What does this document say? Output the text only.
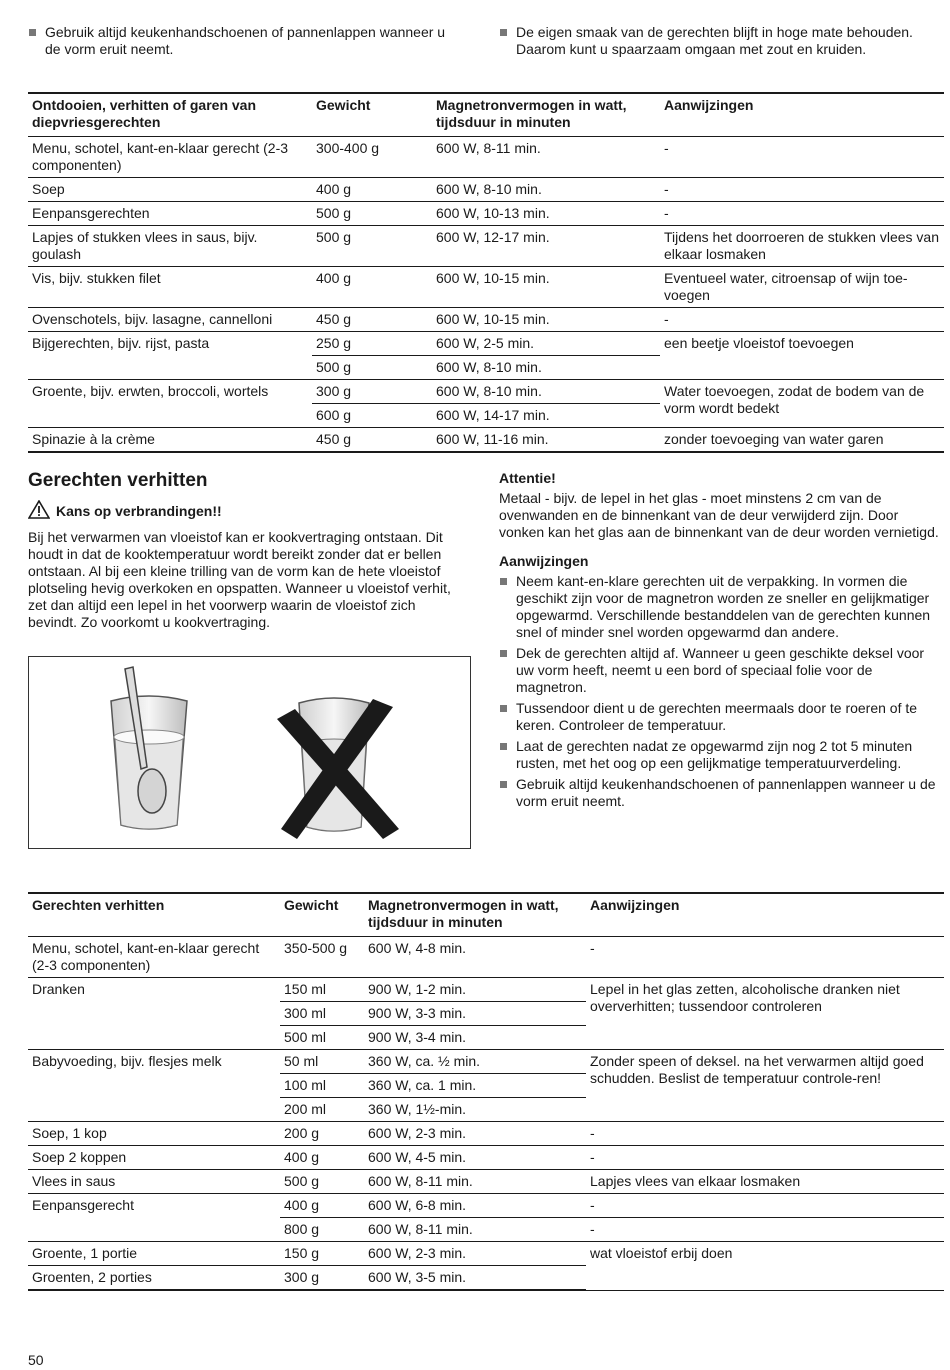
Gebruik altijd keukenhandschoenen of pannenlappen wanneer u de vorm eruit neemt.

De eigen smaak van de gerechten blijft in hoge mate behouden. Daarom kunt u spaarzaam omgaan met zout en kruiden.

Ontdooien, verhitten of garen van diepvriesgerechten	Gewicht	Magnetronvermogen in watt, tijdsduur in minuten	Aanwijzingen
Menu, schotel, kant-en-klaar gerecht (2-3 componenten)	300-400 g	600 W, 8-11 min.	-
Soep	400 g	600 W, 8-10 min.	-
Eenpansgerechten	500 g	600 W, 10-13 min.	-
Lapjes of stukken vlees in saus, bijv. goulash	500 g	600 W, 12-17 min.	Tijdens het doorroeren de stukken vlees van elkaar losmaken
Vis, bijv. stukken filet	400 g	600 W, 10-15 min.	Eventueel water, citroensap of wijn toe-voegen
Ovenschotels, bijv. lasagne, cannelloni	450 g	600 W, 10-15 min.	-
Bijgerechten, bijv. rijst, pasta	250 g	600 W, 2-5 min.	een beetje vloeistof toevoegen
	500 g	600 W, 8-10 min.	
Groente, bijv. erwten, broccoli, wortels	300 g	600 W, 8-10 min.	Water toevoegen, zodat de bodem van de vorm wordt bedekt
	600 g	600 W, 14-17 min.	
Spinazie à la crème	450 g	600 W, 11-16 min.	zonder toevoeging van water garen
Gerechten verhitten
Kans op verbrandingen!!

Bij het verwarmen van vloeistof kan er kookvertraging ontstaan. Dit houdt in dat de kooktemperatuur wordt bereikt zonder dat er bellen ontstaan. Al bij een kleine trilling van de vorm kan de hete vloeistof plotseling hevig overkoken en opspatten. Wanneer u vloeistof verhit, zet dan altijd een lepel in het voorwerp waarin de vloeistof zich bevindt. Zo voorkomt u kookvertraging.

Attentie!

Metaal - bijv. de lepel in het glas - moet minstens 2 cm van de ovenwanden en de binnenkant van de deur verwijderd zijn. Door vonken kan het glas aan de binnenkant van de deur worden vernietigd.

Aanwijzingen

Neem kant-en-klare gerechten uit de verpakking. In vormen die geschikt zijn voor de magnetron worden ze sneller en gelijkmatiger opgewarmd. Verschillende bestanddelen van de gerechten kunnen snel of minder snel worden opgewarmd dan andere.

Dek de gerechten altijd af. Wanneer u geen geschikte deksel voor uw vorm heeft, neemt u een bord of speciaal folie voor de magnetron.

Tussendoor dient u de gerechten meermaals door te roeren of te keren. Controleer de temperatuur.

Laat de gerechten nadat ze opgewarmd zijn nog 2 tot 5 minuten rusten, met het oog op een gelijkmatige temperatuurverdeling.

Gebruik altijd keukenhandschoenen of pannenlappen wanneer u de vorm eruit neemt.

Gerechten verhitten	Gewicht	Magnetronvermogen in watt, tijdsduur in minuten	Aanwijzingen
Menu, schotel, kant-en-klaar gerecht (2-3 componenten)	350-500 g	600 W, 4-8 min.	-
Dranken	150 ml	900 W, 1-2 min.	Lepel in het glas zetten, alcoholische dranken niet oververhitten; tussendoor controleren
	300 ml	900 W, 3-3 min.	
	500 ml	900 W, 3-4 min.	
Babyvoeding, bijv. flesjes melk	50 ml	360 W, ca. ½ min.	Zonder speen of deksel. na het verwarmen altijd goed schudden. Beslist de temperatuur controle-ren!
	100 ml	360 W, ca. 1 min.	
	200 ml	360 W, 1½-min.	
Soep, 1 kop	200 g	600 W, 2-3 min.	-
Soep 2 koppen	400 g	600 W, 4-5 min.	-
Vlees in saus	500 g	600 W, 8-11 min.	Lapjes vlees van elkaar losmaken
Eenpansgerecht	400 g	600 W, 6-8 min.	-
	800 g	600 W, 8-11 min.	-
Groente, 1 portie	150 g	600 W, 2-3 min.	wat vloeistof erbij doen
Groenten, 2 porties	300 g	600 W, 3-5 min.	
50
